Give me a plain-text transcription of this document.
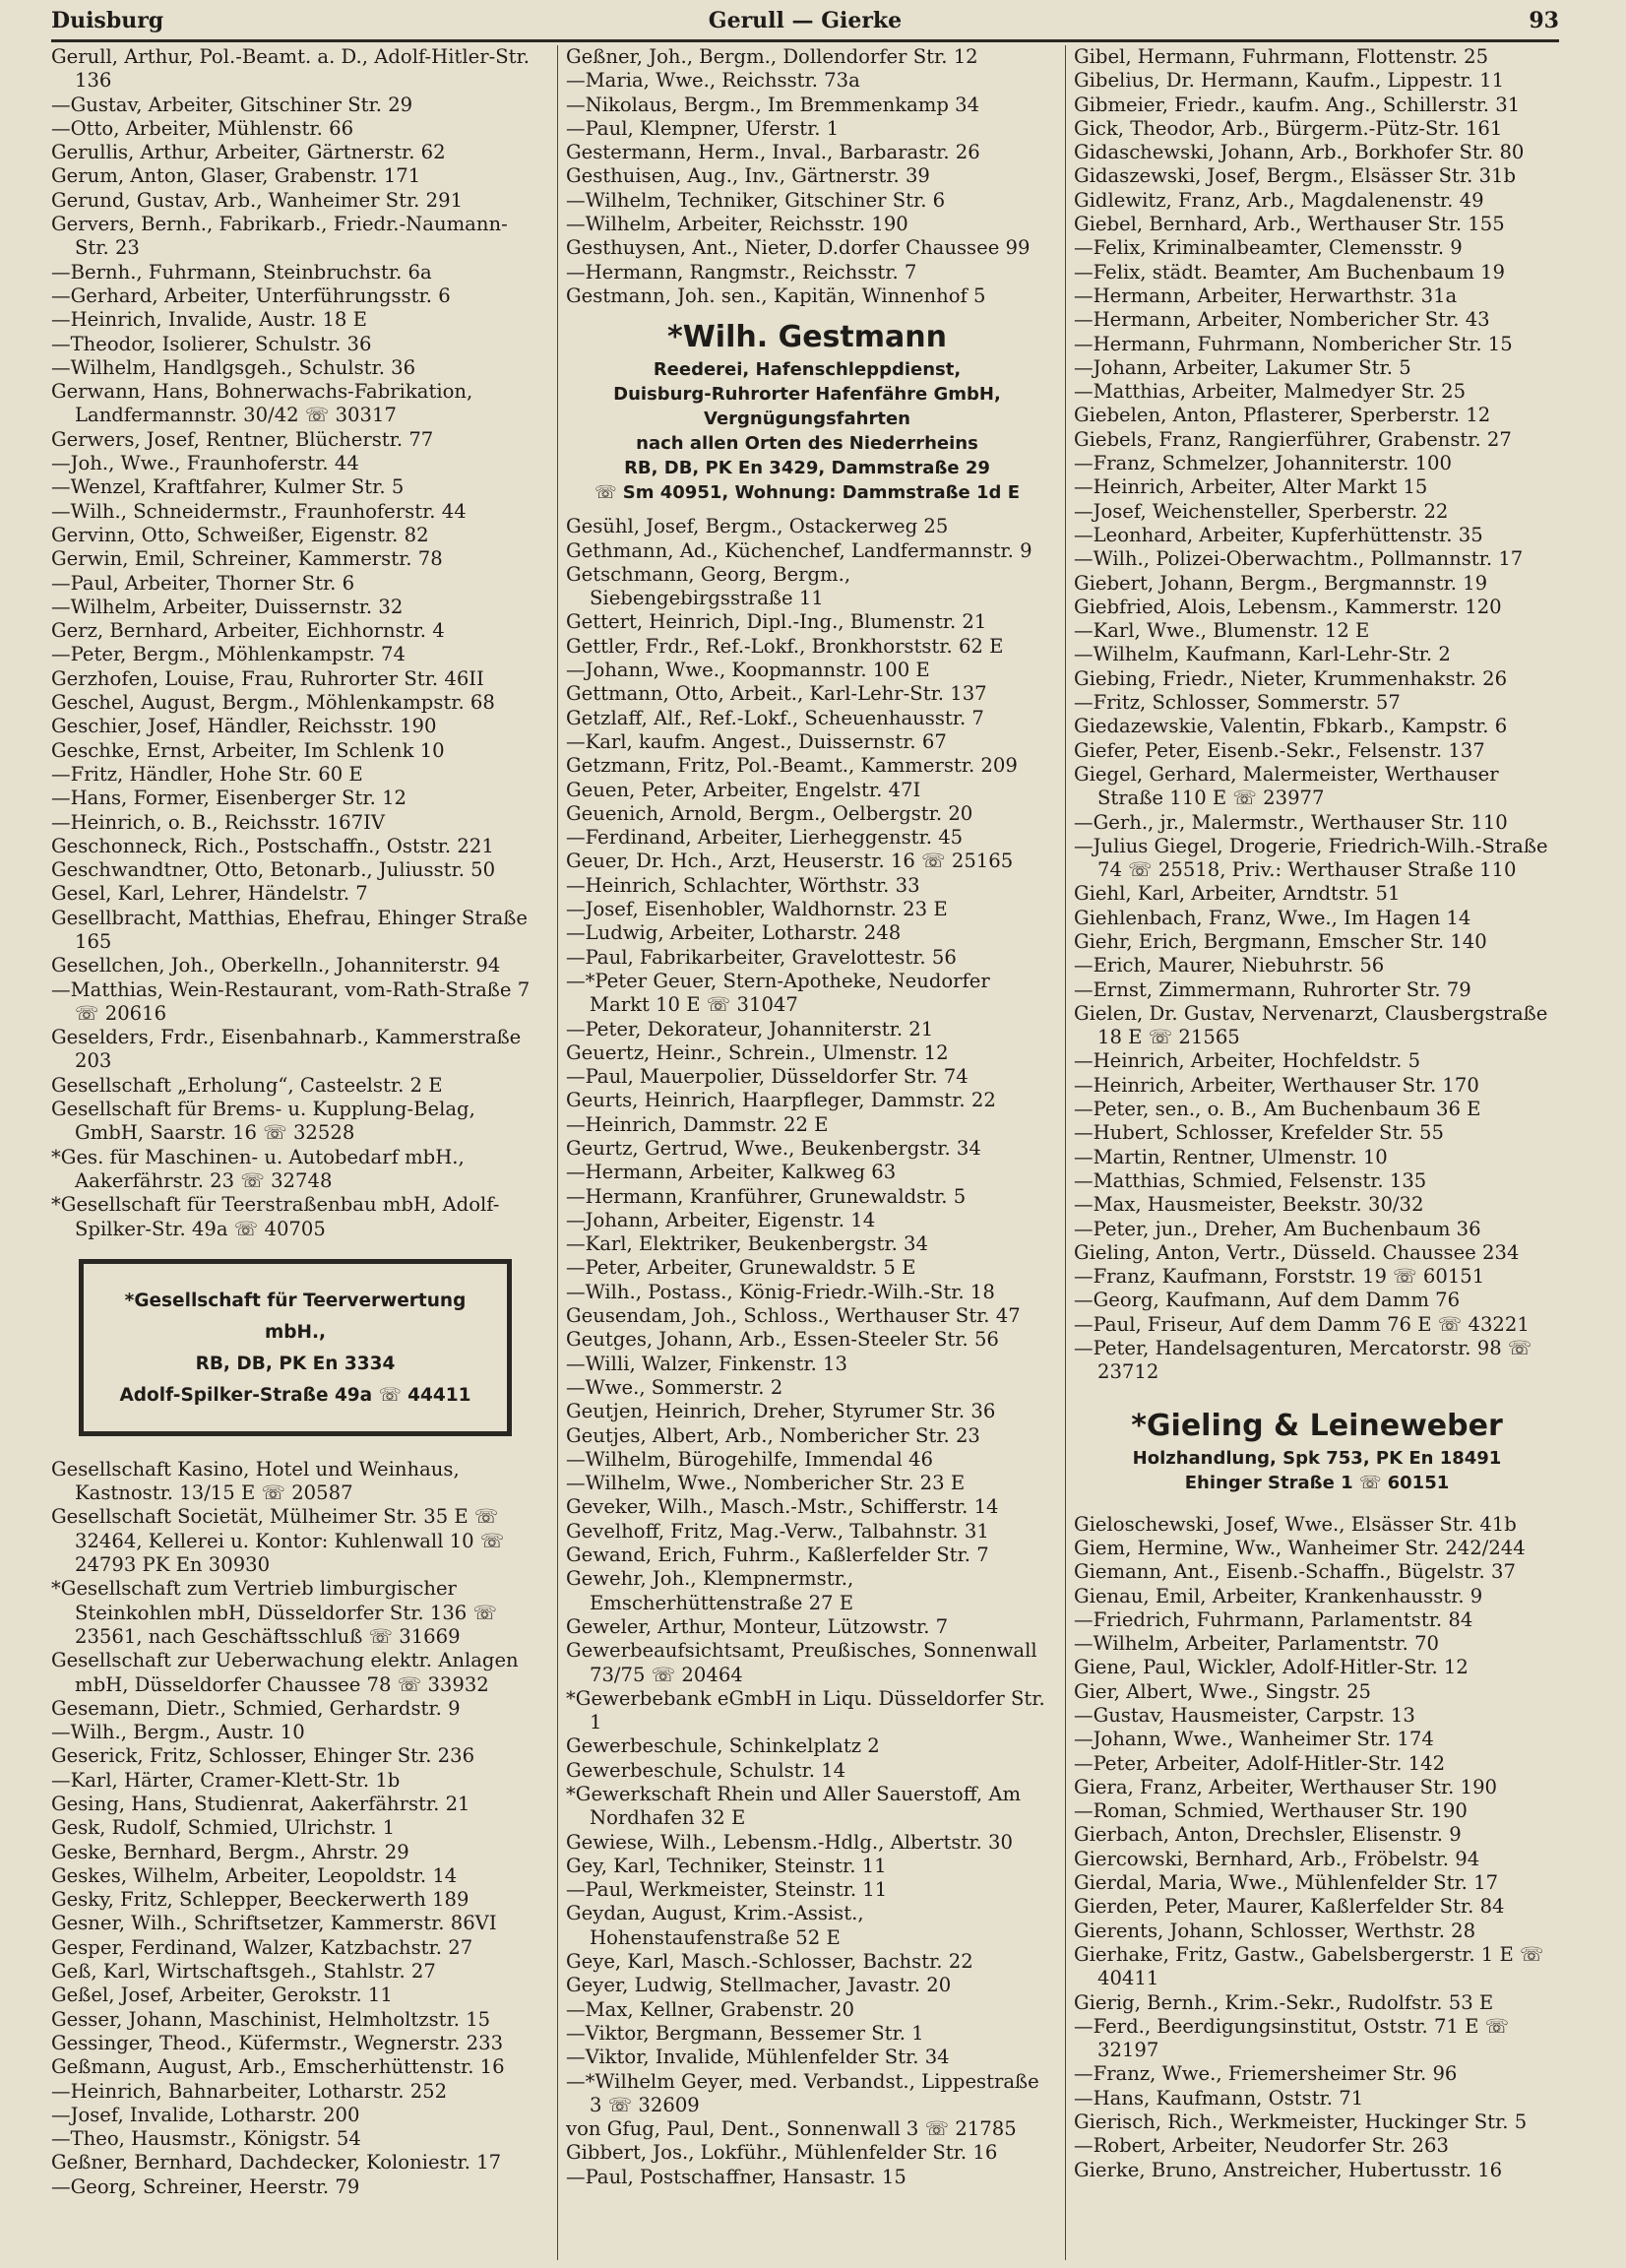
Duisburg	Gerull — Gierke	93
Gerull, Arthur, Pol.-Beamt. a. D., Adolf-Hitler-Str. 136
—Gustav, Arbeiter, Gitschiner Str. 29
—Otto, Arbeiter, Mühlenstr. 66
Gerullis, Arthur, Arbeiter, Gärtnerstr. 62
Gerum, Anton, Glaser, Grabenstr. 171
Gerund, Gustav, Arb., Wanheimer Str. 291
Gervers, Bernh., Fabrikarb., Friedr.-Naumann-Str. 23
—Bernh., Fuhrmann, Steinbruchstr. 6a
—Gerhard, Arbeiter, Unterführungsstr. 6
—Heinrich, Invalide, Austr. 18 E
—Theodor, Isolierer, Schulstr. 36
—Wilhelm, Handlgsgeh., Schulstr. 36
Gerwann, Hans, Bohnerwachs-Fabrikation, Landfermannstr. 30/42 ☏ 30317
Gerwers, Josef, Rentner, Blücherstr. 77
—Joh., Wwe., Fraunhoferstr. 44
—Wenzel, Kraftfahrer, Kulmer Str. 5
—Wilh., Schneidermstr., Fraunhoferstr. 44
Gervinn, Otto, Schweißer, Eigenstr. 82
Gerwin, Emil, Schreiner, Kammerstr. 78
—Paul, Arbeiter, Thorner Str. 6
—Wilhelm, Arbeiter, Duissernstr. 32
Gerz, Bernhard, Arbeiter, Eichhornstr. 4
—Peter, Bergm., Möhlenkampstr. 74
Gerzhofen, Louise, Frau, Ruhrorter Str. 46II
Geschel, August, Bergm., Möhlenkampstr. 68
Geschier, Josef, Händler, Reichsstr. 190
Geschke, Ernst, Arbeiter, Im Schlenk 10
—Fritz, Händler, Hohe Str. 60 E
—Hans, Former, Eisenberger Str. 12
—Heinrich, o. B., Reichsstr. 167IV
Geschonneck, Rich., Postschaffn., Oststr. 221
Geschwandtner, Otto, Betonarb., Juliusstr. 50
Gesel, Karl, Lehrer, Händelstr. 7
Gesellbracht, Matthias, Ehefrau, Ehinger Straße 165
Gesellchen, Joh., Oberkelln., Johanniterstr. 94
—Matthias, Wein-Restaurant, vom-Rath-Straße 7 ☏ 20616
Geselders, Frdr., Eisenbahnarb., Kammerstraße 203
Gesellschaft „Erholung“, Casteelstr. 2 E
Gesellschaft für Brems- u. Kupplung-Belag, GmbH, Saarstr. 16 ☏ 32528
*Ges. für Maschinen- u. Autobedarf mbH., Aakerfährstr. 23 ☏ 32748
*Gesellschaft für Teerstraßenbau mbH, Adolf-Spilker-Str. 49a ☏ 40705
*Gesellschaft für Teerverwertung mbH.,
RB, DB, PK En 3334
Adolf-Spilker-Straße 49a ☏ 44411
Gesellschaft Kasino, Hotel und Weinhaus, Kastnostr. 13/15 E ☏ 20587
Gesellschaft Societät, Mülheimer Str. 35 E ☏ 32464, Kellerei u. Kontor: Kuhlenwall 10 ☏ 24793 PK En 30930
*Gesellschaft zum Vertrieb limburgischer Steinkohlen mbH, Düsseldorfer Str. 136 ☏ 23561, nach Geschäftsschluß ☏ 31669
Gesellschaft zur Ueberwachung elektr. Anlagen mbH, Düsseldorfer Chaussee 78 ☏ 33932
Gesemann, Dietr., Schmied, Gerhardstr. 9
—Wilh., Bergm., Austr. 10
Geserick, Fritz, Schlosser, Ehinger Str. 236
—Karl, Härter, Cramer-Klett-Str. 1b
Gesing, Hans, Studienrat, Aakerfährstr. 21
Gesk, Rudolf, Schmied, Ulrichstr. 1
Geske, Bernhard, Bergm., Ahrstr. 29
Geskes, Wilhelm, Arbeiter, Leopoldstr. 14
Gesky, Fritz, Schlepper, Beeckerwerth 189
Gesner, Wilh., Schriftsetzer, Kammerstr. 86VI
Gesper, Ferdinand, Walzer, Katzbachstr. 27
Geß, Karl, Wirtschaftsgeh., Stahlstr. 27
Geßel, Josef, Arbeiter, Gerokstr. 11
Gesser, Johann, Maschinist, Helmholtzstr. 15
Gessinger, Theod., Küfermstr., Wegnerstr. 233
Geßmann, August, Arb., Emscherhüttenstr. 16
—Heinrich, Bahnarbeiter, Lotharstr. 252
—Josef, Invalide, Lotharstr. 200
—Theo, Hausmstr., Königstr. 54
Geßner, Bernhard, Dachdecker, Koloniestr. 17
—Georg, Schreiner, Heerstr. 79
Geßner, Joh., Bergm., Dollendorfer Str. 12
—Maria, Wwe., Reichsstr. 73a
—Nikolaus, Bergm., Im Bremmenkamp 34
—Paul, Klempner, Uferstr. 1
Gestermann, Herm., Inval., Barbarastr. 26
Gesthuisen, Aug., Inv., Gärtnerstr. 39
—Wilhelm, Techniker, Gitschiner Str. 6
—Wilhelm, Arbeiter, Reichsstr. 190
Gesthuysen, Ant., Nieter, D.dorfer Chaussee 99
—Hermann, Rangmstr., Reichsstr. 7
Gestmann, Joh. sen., Kapitän, Winnenhof 5
*Wilh. Gestmann
Reederei, Hafenschleppdienst,
Duisburg-Ruhrorter Hafenfähre GmbH,
Vergnügungsfahrten
nach allen Orten des Niederrheins
RB, DB, PK En 3429, Dammstraße 29
☏ Sm 40951, Wohnung: Dammstraße 1d E
Gesühl, Josef, Bergm., Ostackerweg 25
Gethmann, Ad., Küchenchef, Landfermannstr. 9
Getschmann, Georg, Bergm., Siebengebirgsstraße 11
Gettert, Heinrich, Dipl.-Ing., Blumenstr. 21
Gettler, Frdr., Ref.-Lokf., Bronkhorststr. 62 E
—Johann, Wwe., Koopmannstr. 100 E
Gettmann, Otto, Arbeit., Karl-Lehr-Str. 137
Getzlaff, Alf., Ref.-Lokf., Scheuenhausstr. 7
—Karl, kaufm. Angest., Duissernstr. 67
Getzmann, Fritz, Pol.-Beamt., Kammerstr. 209
Geuen, Peter, Arbeiter, Engelstr. 47I
Geuenich, Arnold, Bergm., Oelbergstr. 20
—Ferdinand, Arbeiter, Lierheggenstr. 45
Geuer, Dr. Hch., Arzt, Heuserstr. 16 ☏ 25165
—Heinrich, Schlachter, Wörthstr. 33
—Josef, Eisenhobler, Waldhornstr. 23 E
—Ludwig, Arbeiter, Lotharstr. 248
—Paul, Fabrikarbeiter, Gravelottestr. 56
—*Peter Geuer, Stern-Apotheke, Neudorfer Markt 10 E ☏ 31047
—Peter, Dekorateur, Johanniterstr. 21
Geuertz, Heinr., Schrein., Ulmenstr. 12
—Paul, Mauerpolier, Düsseldorfer Str. 74
Geurts, Heinrich, Haarpfleger, Dammstr. 22
—Heinrich, Dammstr. 22 E
Geurtz, Gertrud, Wwe., Beukenbergstr. 34
—Hermann, Arbeiter, Kalkweg 63
—Hermann, Kranführer, Grunewaldstr. 5
—Johann, Arbeiter, Eigenstr. 14
—Karl, Elektriker, Beukenbergstr. 34
—Peter, Arbeiter, Grunewaldstr. 5 E
—Wilh., Postass., König-Friedr.-Wilh.-Str. 18
Geusendam, Joh., Schloss., Werthauser Str. 47
Geutges, Johann, Arb., Essen-Steeler Str. 56
—Willi, Walzer, Finkenstr. 13
—Wwe., Sommerstr. 2
Geutjen, Heinrich, Dreher, Styrumer Str. 36
Geutjes, Albert, Arb., Nombericher Str. 23
—Wilhelm, Bürogehilfe, Immendal 46
—Wilhelm, Wwe., Nombericher Str. 23 E
Geveker, Wilh., Masch.-Mstr., Schifferstr. 14
Gevelhoff, Fritz, Mag.-Verw., Talbahnstr. 31
Gewand, Erich, Fuhrm., Kaßlerfelder Str. 7
Gewehr, Joh., Klempnermstr., Emscherhüttenstraße 27 E
Geweler, Arthur, Monteur, Lützowstr. 7
Gewerbeaufsichtsamt, Preußisches, Sonnenwall 73/75 ☏ 20464
*Gewerbebank eGmbH in Liqu. Düsseldorfer Str. 1
Gewerbeschule, Schinkelplatz 2
Gewerbeschule, Schulstr. 14
*Gewerkschaft Rhein und Aller Sauerstoff, Am Nordhafen 32 E
Gewiese, Wilh., Lebensm.-Hdlg., Albertstr. 30
Gey, Karl, Techniker, Steinstr. 11
—Paul, Werkmeister, Steinstr. 11
Geydan, August, Krim.-Assist., Hohenstaufenstraße 52 E
Geye, Karl, Masch.-Schlosser, Bachstr. 22
Geyer, Ludwig, Stellmacher, Javastr. 20
—Max, Kellner, Grabenstr. 20
—Viktor, Bergmann, Bessemer Str. 1
—Viktor, Invalide, Mühlenfelder Str. 34
—*Wilhelm Geyer, med. Verbandst., Lippestraße 3 ☏ 32609
von Gfug, Paul, Dent., Sonnenwall 3 ☏ 21785
Gibbert, Jos., Lokführ., Mühlenfelder Str. 16
—Paul, Postschaffner, Hansastr. 15
Gibel, Hermann, Fuhrmann, Flottenstr. 25
Gibelius, Dr. Hermann, Kaufm., Lippestr. 11
Gibmeier, Friedr., kaufm. Ang., Schillerstr. 31
Gick, Theodor, Arb., Bürgerm.-Pütz-Str. 161
Gidaschewski, Johann, Arb., Borkhofer Str. 80
Gidaszewski, Josef, Bergm., Elsässer Str. 31b
Gidlewitz, Franz, Arb., Magdalenenstr. 49
Giebel, Bernhard, Arb., Werthauser Str. 155
—Felix, Kriminalbeamter, Clemensstr. 9
—Felix, städt. Beamter, Am Buchenbaum 19
—Hermann, Arbeiter, Herwarthstr. 31a
—Hermann, Arbeiter, Nombericher Str. 43
—Hermann, Fuhrmann, Nombericher Str. 15
—Johann, Arbeiter, Lakumer Str. 5
—Matthias, Arbeiter, Malmedyer Str. 25
Giebelen, Anton, Pflasterer, Sperberstr. 12
Giebels, Franz, Rangierführer, Grabenstr. 27
—Franz, Schmelzer, Johanniterstr. 100
—Heinrich, Arbeiter, Alter Markt 15
—Josef, Weichensteller, Sperberstr. 22
—Leonhard, Arbeiter, Kupferhüttenstr. 35
—Wilh., Polizei-Oberwachtm., Pollmannstr. 17
Giebert, Johann, Bergm., Bergmannstr. 19
Giebfried, Alois, Lebensm., Kammerstr. 120
—Karl, Wwe., Blumenstr. 12 E
—Wilhelm, Kaufmann, Karl-Lehr-Str. 2
Giebing, Friedr., Nieter, Krummenhakstr. 26
—Fritz, Schlosser, Sommerstr. 57
Giedazewskie, Valentin, Fbkarb., Kampstr. 6
Giefer, Peter, Eisenb.-Sekr., Felsenstr. 137
Giegel, Gerhard, Malermeister, Werthauser Straße 110 E ☏ 23977
—Gerh., jr., Malermstr., Werthauser Str. 110
—Julius Giegel, Drogerie, Friedrich-Wilh.-Straße 74 ☏ 25518, Priv.: Werthauser Straße 110
Giehl, Karl, Arbeiter, Arndtstr. 51
Giehlenbach, Franz, Wwe., Im Hagen 14
Giehr, Erich, Bergmann, Emscher Str. 140
—Erich, Maurer, Niebuhrstr. 56
—Ernst, Zimmermann, Ruhrorter Str. 79
Gielen, Dr. Gustav, Nervenarzt, Clausbergstraße 18 E ☏ 21565
—Heinrich, Arbeiter, Hochfeldstr. 5
—Heinrich, Arbeiter, Werthauser Str. 170
—Peter, sen., o. B., Am Buchenbaum 36 E
—Hubert, Schlosser, Krefelder Str. 55
—Martin, Rentner, Ulmenstr. 10
—Matthias, Schmied, Felsenstr. 135
—Max, Hausmeister, Beekstr. 30/32
—Peter, jun., Dreher, Am Buchenbaum 36
Gieling, Anton, Vertr., Düsseld. Chaussee 234
—Franz, Kaufmann, Forststr. 19 ☏ 60151
—Georg, Kaufmann, Auf dem Damm 76
—Paul, Friseur, Auf dem Damm 76 E ☏ 43221
—Peter, Handelsagenturen, Mercatorstr. 98 ☏ 23712
*Gieling & Leineweber
Holzhandlung, Spk 753, PK En 18491
Ehinger Straße 1 ☏ 60151
Gieloschewski, Josef, Wwe., Elsässer Str. 41b
Giem, Hermine, Ww., Wanheimer Str. 242/244
Giemann, Ant., Eisenb.-Schaffn., Bügelstr. 37
Gienau, Emil, Arbeiter, Krankenhausstr. 9
—Friedrich, Fuhrmann, Parlamentstr. 84
—Wilhelm, Arbeiter, Parlamentstr. 70
Giene, Paul, Wickler, Adolf-Hitler-Str. 12
Gier, Albert, Wwe., Singstr. 25
—Gustav, Hausmeister, Carpstr. 13
—Johann, Wwe., Wanheimer Str. 174
—Peter, Arbeiter, Adolf-Hitler-Str. 142
Giera, Franz, Arbeiter, Werthauser Str. 190
—Roman, Schmied, Werthauser Str. 190
Gierbach, Anton, Drechsler, Elisenstr. 9
Giercowski, Bernhard, Arb., Fröbelstr. 94
Gierdal, Maria, Wwe., Mühlenfelder Str. 17
Gierden, Peter, Maurer, Kaßlerfelder Str. 84
Gierents, Johann, Schlosser, Werthstr. 28
Gierhake, Fritz, Gastw., Gabelsbergerstr. 1 E ☏ 40411
Gierig, Bernh., Krim.-Sekr., Rudolfstr. 53 E
—Ferd., Beerdigungsinstitut, Oststr. 71 E ☏ 32197
—Franz, Wwe., Friemersheimer Str. 96
—Hans, Kaufmann, Oststr. 71
Gierisch, Rich., Werkmeister, Huckinger Str. 5
—Robert, Arbeiter, Neudorfer Str. 263
Gierke, Bruno, Anstreicher, Hubertusstr. 16
